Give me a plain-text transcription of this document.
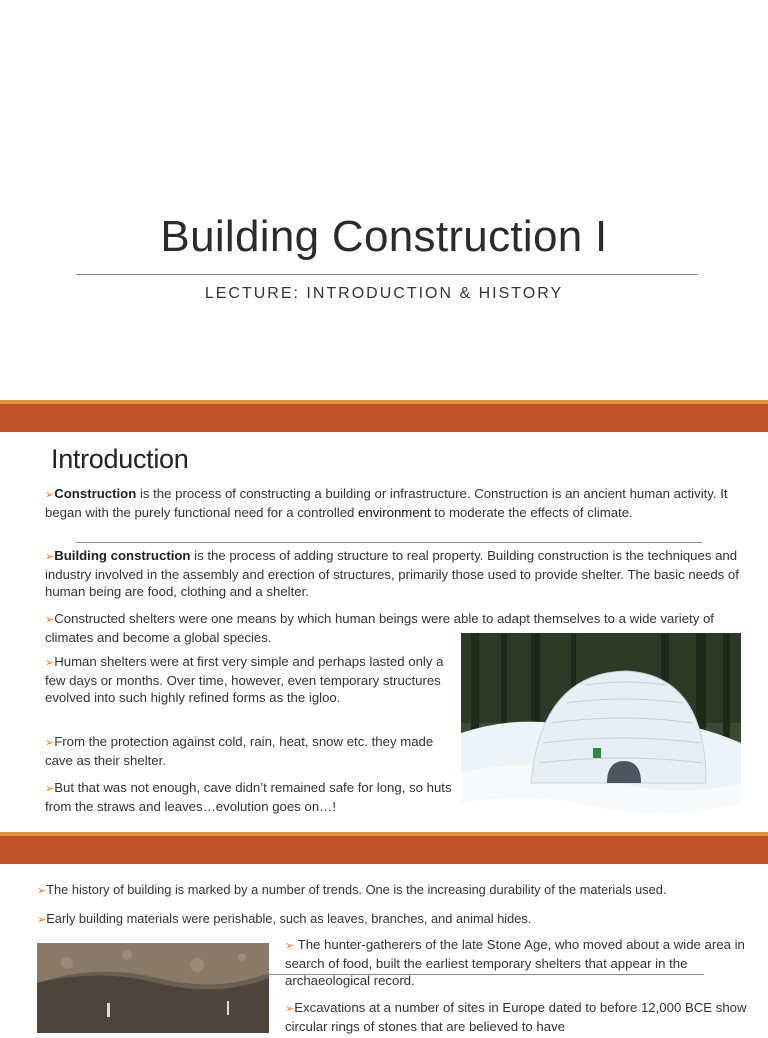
Building Construction I
LECTURE: INTRODUCTION & HISTORY
Introduction
➢Construction is the process of constructing a building or infrastructure. Construction is an ancient human activity. It began with the purely functional need for a controlled environment to moderate the effects of climate.
➢Building construction is the process of adding structure to real property. Building construction is the techniques and industry involved in the assembly and erection of structures, primarily those used to provide shelter. The basic needs of human being are food, clothing and a shelter.
➢Constructed shelters were one means by which human beings were able to adapt themselves to a wide variety of climates and become a global species.
➢Human shelters were at first very simple and perhaps lasted only a few days or months. Over time, however, even temporary structures evolved into such highly refined forms as the igloo.
➢From the protection against cold, rain, heat, snow etc. they made cave as their shelter.
➢But that was not enough, cave didn’t remained safe for long, so huts from the straws and leaves…evolution goes on…!
➢The history of building is marked by a number of trends. One is the increasing durability of the materials used.
➢Early building materials were perishable, such as leaves, branches, and animal hides.
➢ The hunter-gatherers of the late Stone Age, who moved about a wide area in search of food, built the earliest temporary shelters that appear in the archaeological record.
➢Excavations at a number of sites in Europe dated to before 12,000 BCE show circular rings of stones that are believed to have
